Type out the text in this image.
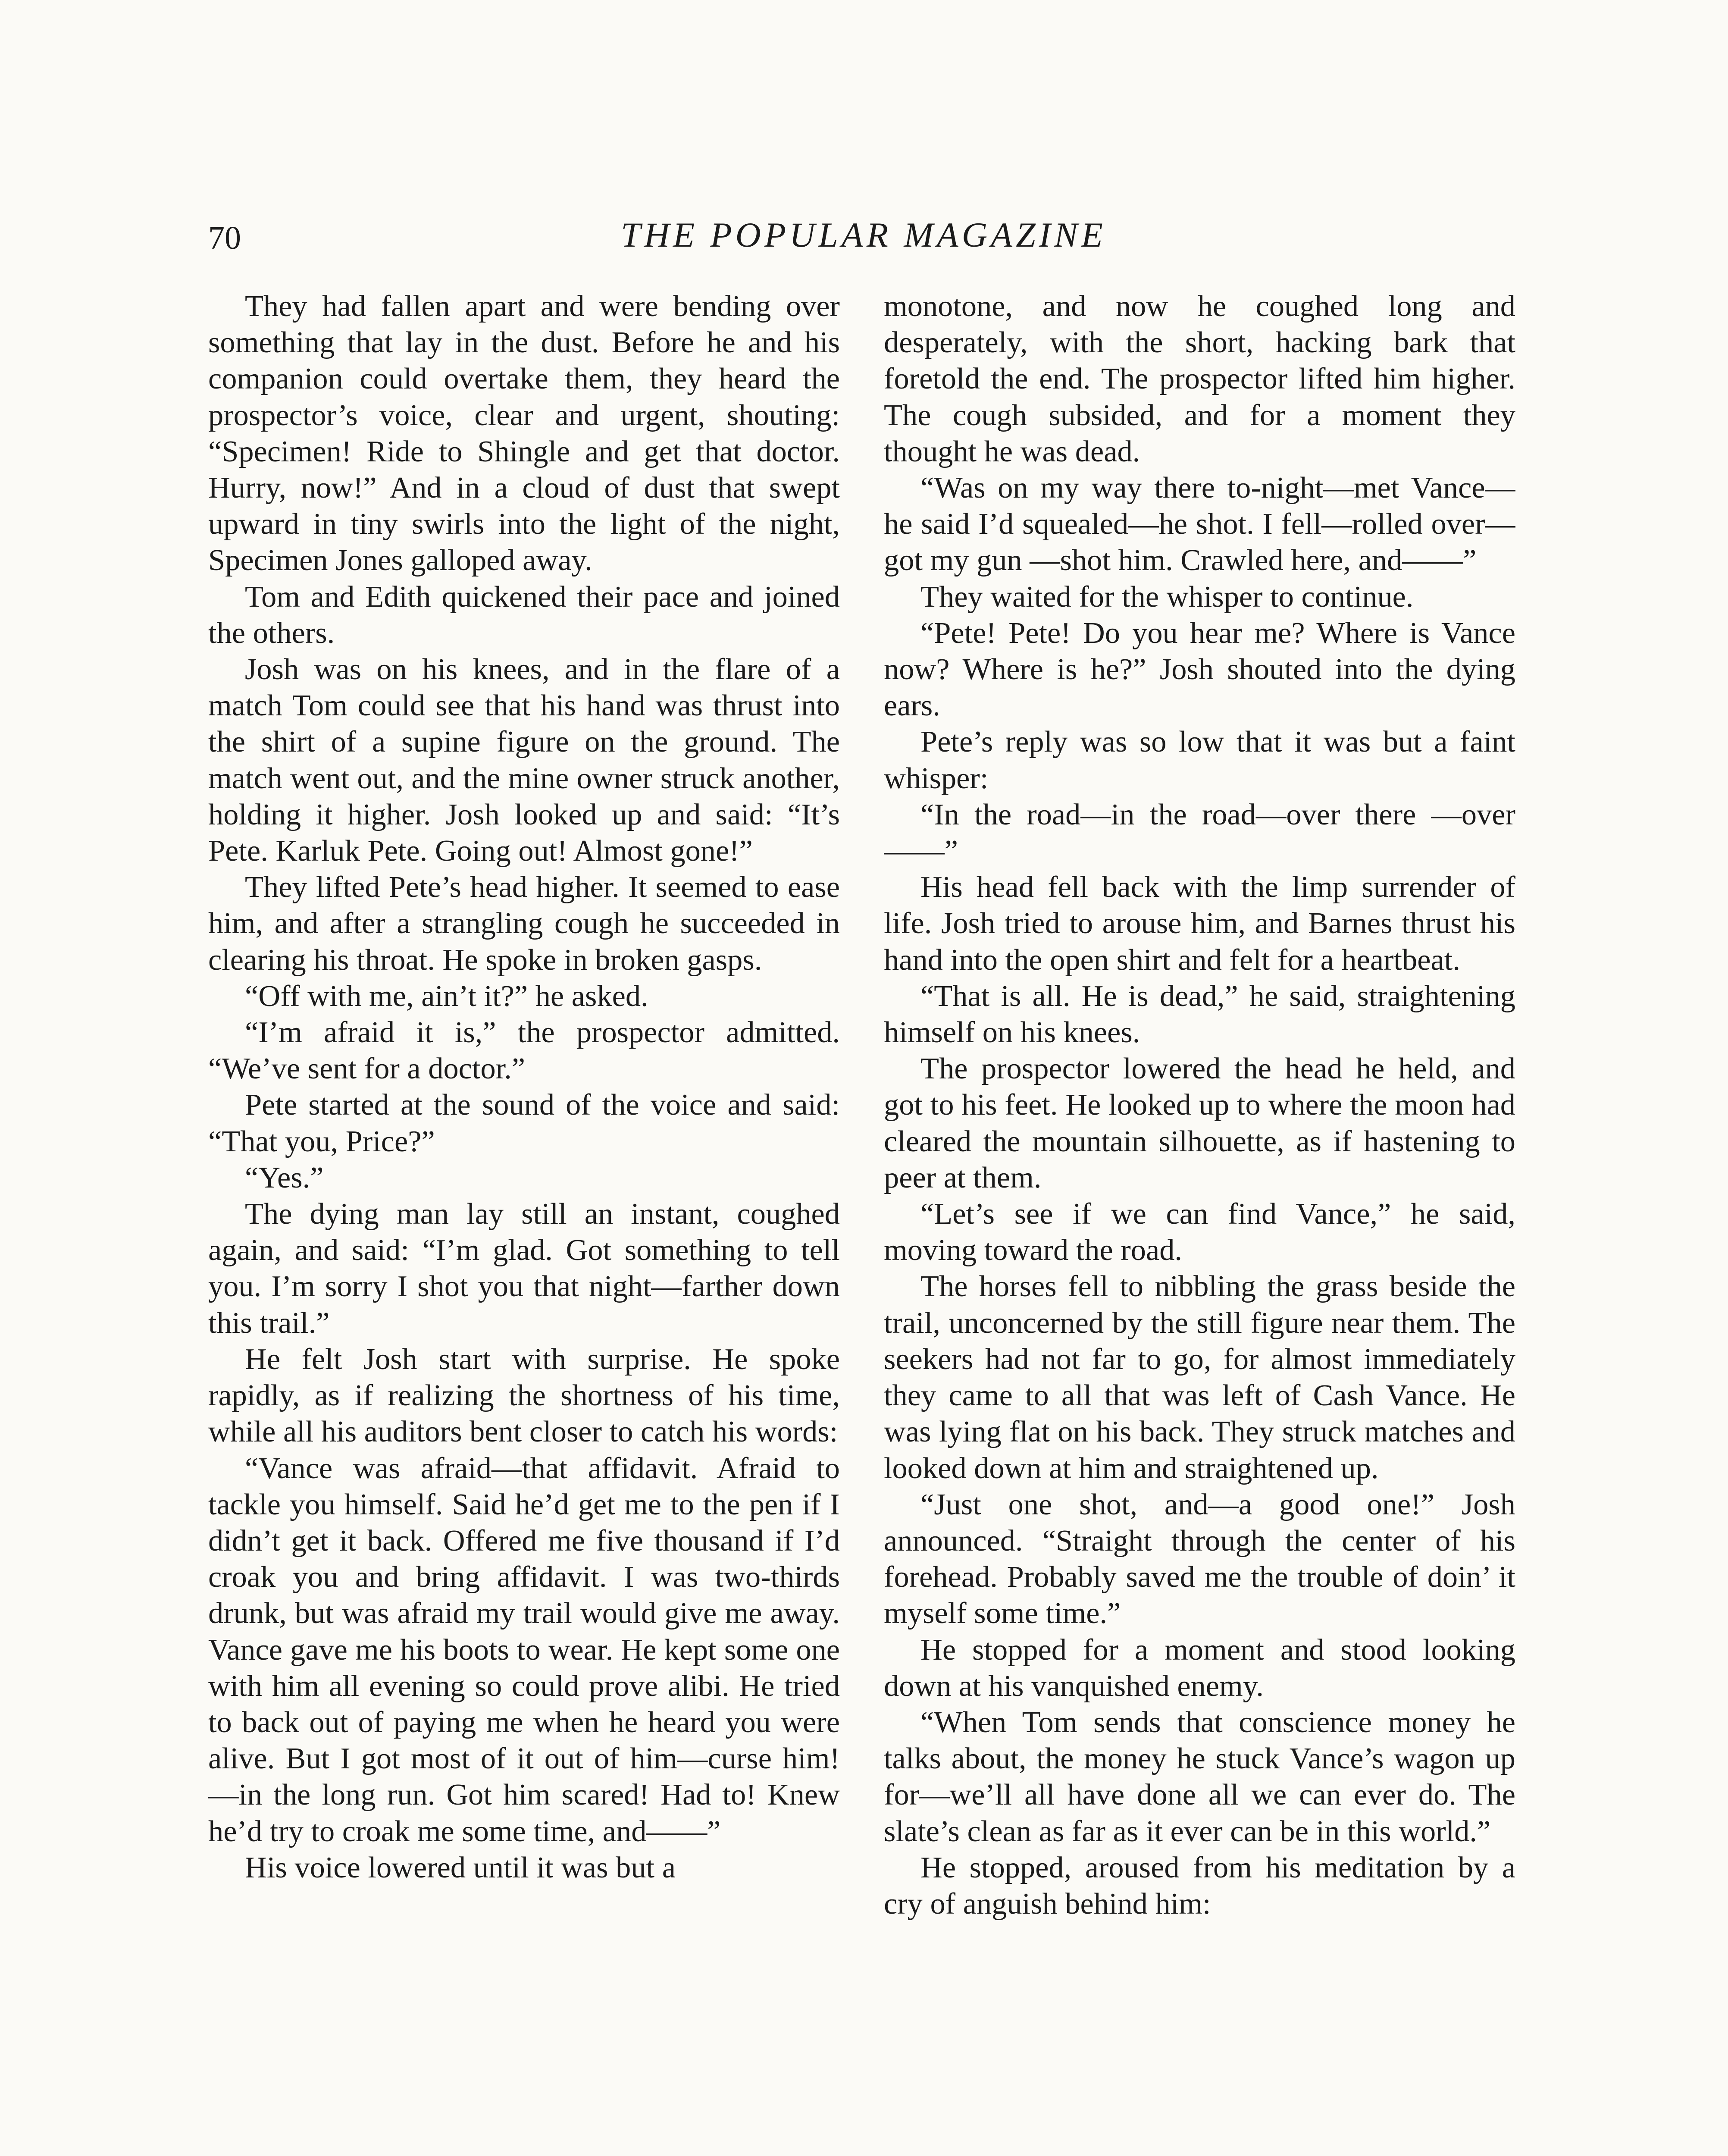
70	THE POPULAR MAGAZINE

They had fallen apart and were bending over something that lay in the dust. Before he and his companion could overtake them, they heard the prospector’s voice, clear and urgent, shouting: “Specimen! Ride to Shingle and get that doctor. Hurry, now!” And in a cloud of dust that swept upward in tiny swirls into the light of the night, Specimen Jones galloped away.

Tom and Edith quickened their pace and joined the others.

Josh was on his knees, and in the flare of a match Tom could see that his hand was thrust into the shirt of a supine figure on the ground. The match went out, and the mine owner struck another, holding it higher. Josh looked up and said: “It’s Pete. Karluk Pete. Going out! Almost gone!”

They lifted Pete’s head higher. It seemed to ease him, and after a strangling cough he succeeded in clearing his throat. He spoke in broken gasps.

“Off with me, ain’t it?” he asked.

“I’m afraid it is,” the prospector admitted. “We’ve sent for a doctor.”

Pete started at the sound of the voice and said: “That you, Price?”

“Yes.”

The dying man lay still an instant, coughed again, and said: “I’m glad. Got something to tell you. I’m sorry I shot you that night—farther down this trail.”

He felt Josh start with surprise. He spoke rapidly, as if realizing the shortness of his time, while all his auditors bent closer to catch his words:

“Vance was afraid—that affidavit. Afraid to tackle you himself. Said he’d get me to the pen if I didn’t get it back. Offered me five thousand if I’d croak you and bring affidavit. I was two-thirds drunk, but was afraid my trail would give me away. Vance gave me his boots to wear. He kept some one with him all evening so could prove alibi. He tried to back out of paying me when he heard you were alive. But I got most of it out of him—curse him! —in the long run. Got him scared! Had to! Knew he’d try to croak me some time, and——”

His voice lowered until it was but a

monotone, and now he coughed long and desperately, with the short, hacking bark that foretold the end. The prospector lifted him higher. The cough subsided, and for a moment they thought he was dead.

“Was on my way there to-night—met Vance—he said I’d squealed—he shot. I fell—rolled over—got my gun —shot him. Crawled here, and——”

They waited for the whisper to continue.

“Pete! Pete! Do you hear me? Where is Vance now? Where is he?” Josh shouted into the dying ears.

Pete’s reply was so low that it was but a faint whisper:

“In the road—in the road—over there —over——”

His head fell back with the limp surrender of life. Josh tried to arouse him, and Barnes thrust his hand into the open shirt and felt for a heartbeat.

“That is all. He is dead,” he said, straightening himself on his knees.

The prospector lowered the head he held, and got to his feet. He looked up to where the moon had cleared the mountain silhouette, as if hastening to peer at them.

“Let’s see if we can find Vance,” he said, moving toward the road.

The horses fell to nibbling the grass beside the trail, unconcerned by the still figure near them. The seekers had not far to go, for almost immediately they came to all that was left of Cash Vance. He was lying flat on his back. They struck matches and looked down at him and straightened up.

“Just one shot, and—a good one!” Josh announced. “Straight through the center of his forehead. Probably saved me the trouble of doin’ it myself some time.”

He stopped for a moment and stood looking down at his vanquished enemy.

“When Tom sends that conscience money he talks about, the money he stuck Vance’s wagon up for—we’ll all have done all we can ever do. The slate’s clean as far as it ever can be in this world.”

He stopped, aroused from his meditation by a cry of anguish behind him:
